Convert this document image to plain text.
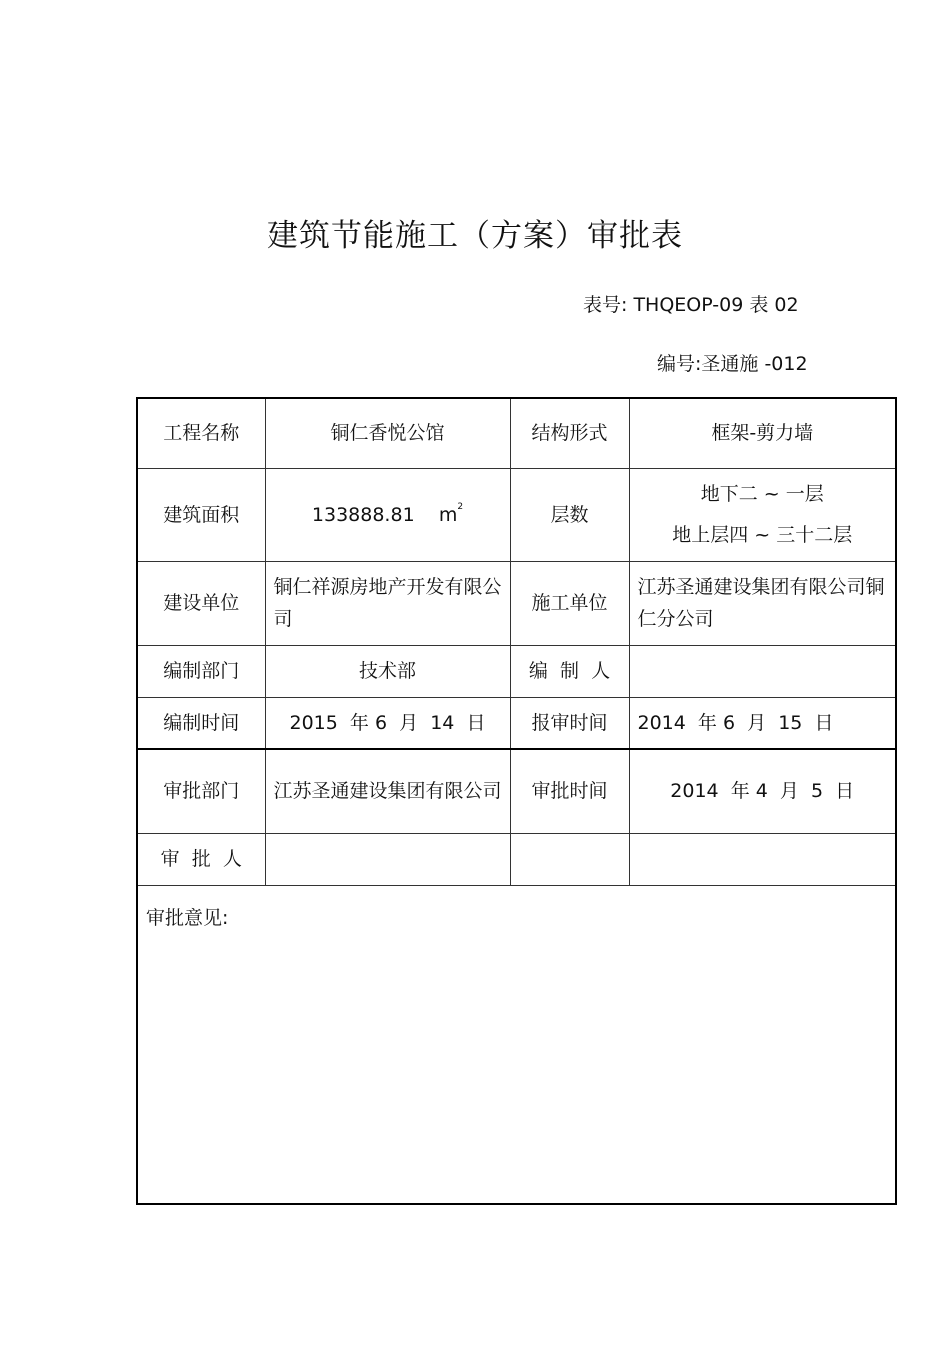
建筑节能施工（方案）审批表
表号: THQEOP-09 表 02
编号:圣通施 -012
工程名称	铜仁香悦公馆	结构形式	框架-剪力墙
建筑面积	133888.81 $m^2$	层数	地下二 ~ 一层
地上层四 ~ 三十二层

建设单位	铜仁祥源房地产开发有限公司	施工单位	江苏圣通建设集团有限公司铜仁分公司
编制部门	技术部	编  制  人	
编制时间	2015  年 6  月  14  日	报审时间	2014  年 6  月  15  日
审批部门	江苏圣通建设集团有限公司	审批时间	2014  年 4  月  5  日
审  批  人			
审批意见:			
